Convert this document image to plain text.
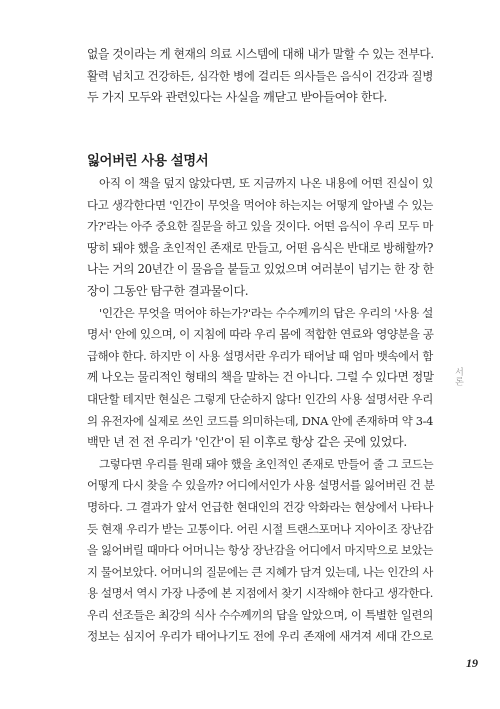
없을 것이라는 게 현재의 의료 시스템에 대해 내가 말할 수 있는 전부다.
활력 넘치고 건강하든, 심각한 병에 걸리든 의사들은 음식이 건강과 질병
두 가지 모두와 관련있다는 사실을 깨닫고 받아들여야 한다.
잃어버린 사용 설명서
아직 이 책을 덮지 않았다면, 또 지금까지 나온 내용에 어떤 진실이 있
다고 생각한다면 '인간이 무엇을 먹어야 하는지는 어떻게 알아낼 수 있는
가?'라는 아주 중요한 질문을 하고 있을 것이다. 어떤 음식이 우리 모두 마
땅히 돼야 했을 초인적인 존재로 만들고, 어떤 음식은 반대로 방해할까?
나는 거의 20년간 이 물음을 붙들고 있었으며 여러분이 넘기는 한 장 한
장이 그동안 탐구한 결과물이다.
'인간은 무엇을 먹어야 하는가?'라는 수수께끼의 답은 우리의 '사용 설
명서' 안에 있으며, 이 지침에 따라 우리 몸에 적합한 연료와 영양분을 공
급해야 한다. 하지만 이 사용 설명서란 우리가 태어날 때 엄마 뱃속에서 함
께 나오는 물리적인 형태의 책을 말하는 건 아니다. 그럴 수 있다면 정말
대단할 테지만 현실은 그렇게 단순하지 않다! 인간의 사용 설명서란 우리
의 유전자에 실제로 쓰인 코드를 의미하는데, DNA 안에 존재하며 약 3-4
백만 년 전 전 우리가 '인간'이 된 이후로 항상 같은 곳에 있었다.
그렇다면 우리를 원래 돼야 했을 초인적인 존재로 만들어 줄 그 코드는
어떻게 다시 찾을 수 있을까? 어디에서인가 사용 설명서를 잃어버린 건 분
명하다. 그 결과가 앞서 언급한 현대인의 건강 악화라는 현상에서 나타나
듯 현재 우리가 받는 고통이다. 어린 시절 트랜스포머나 지아이조 장난감
을 잃어버릴 때마다 어머니는 항상 장난감을 어디에서 마지막으로 보았는
지 물어보았다. 어머니의 질문에는 큰 지혜가 담겨 있는데, 나는 인간의 사
용 설명서 역시 가장 나중에 본 지점에서 찾기 시작해야 한다고 생각한다.
우리 선조들은 최강의 식사 수수께끼의 답을 알았으며, 이 특별한 일련의
정보는 심지어 우리가 태어나기도 전에 우리 존재에 새겨져 세대 간으로
서론
19
